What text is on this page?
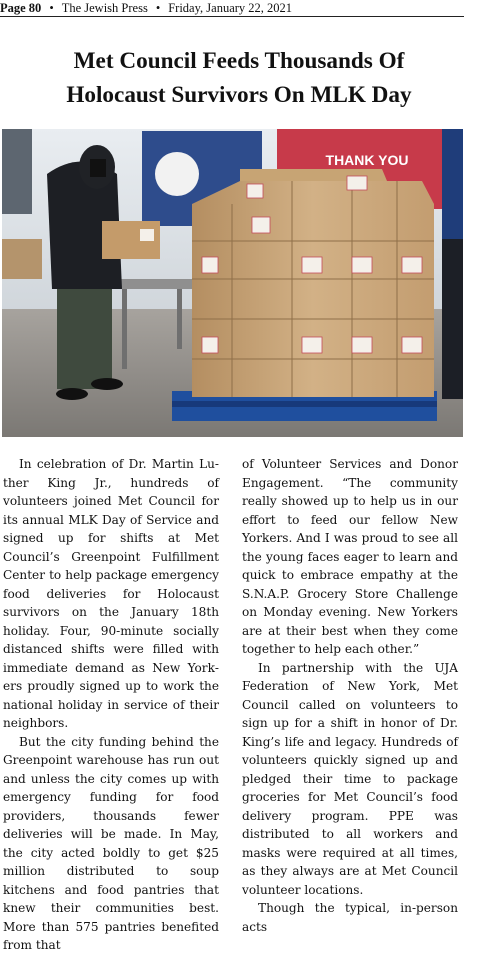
Page 80 • The Jewish Press • Friday, January 22, 2021
Met Council Feeds Thousands Of
Holocaust Survivors On MLK Day
THANK YOU

In celebration of Dr. Martin Luther King Jr., hundreds of volunteers joined Met Council for its annual MLK Day of Service and signed up for shifts at Met Council’s Greenpoint Fulfillment Center to help package emergency food deliveries for Holocaust survivors on the January 18th holiday. Four, 90-minute socially distanced shifts were filled with immediate demand as New Yorkers proudly signed up to work the national holiday in service of their neighbors.

But the city funding behind the Greenpoint warehouse has run out and unless the city comes up with emergency funding for food providers, thousands fewer deliveries will be made. In May, the city acted boldly to get $25 million distributed to soup kitchens and food pantries that knew their communities best. More than 575 pantries benefited from that

of Volunteer Services and Donor Engagement. “The community really showed up to help us in our effort to feed our fellow New Yorkers. And I was proud to see all the young faces eager to learn and quick to embrace empathy at the S.N.A.P. Grocery Store Challenge on Monday evening. New Yorkers are at their best when they come together to help each other.”

In partnership with the UJA Federation of New York, Met Council called on volunteers to sign up for a shift in honor of Dr. King’s life and legacy. Hundreds of volunteers quickly signed up and pledged their time to package groceries for Met Council’s food delivery program. PPE was distributed to all workers and masks were required at all times, as they always are at Met Council volunteer locations.

Though the typical, in-person acts
